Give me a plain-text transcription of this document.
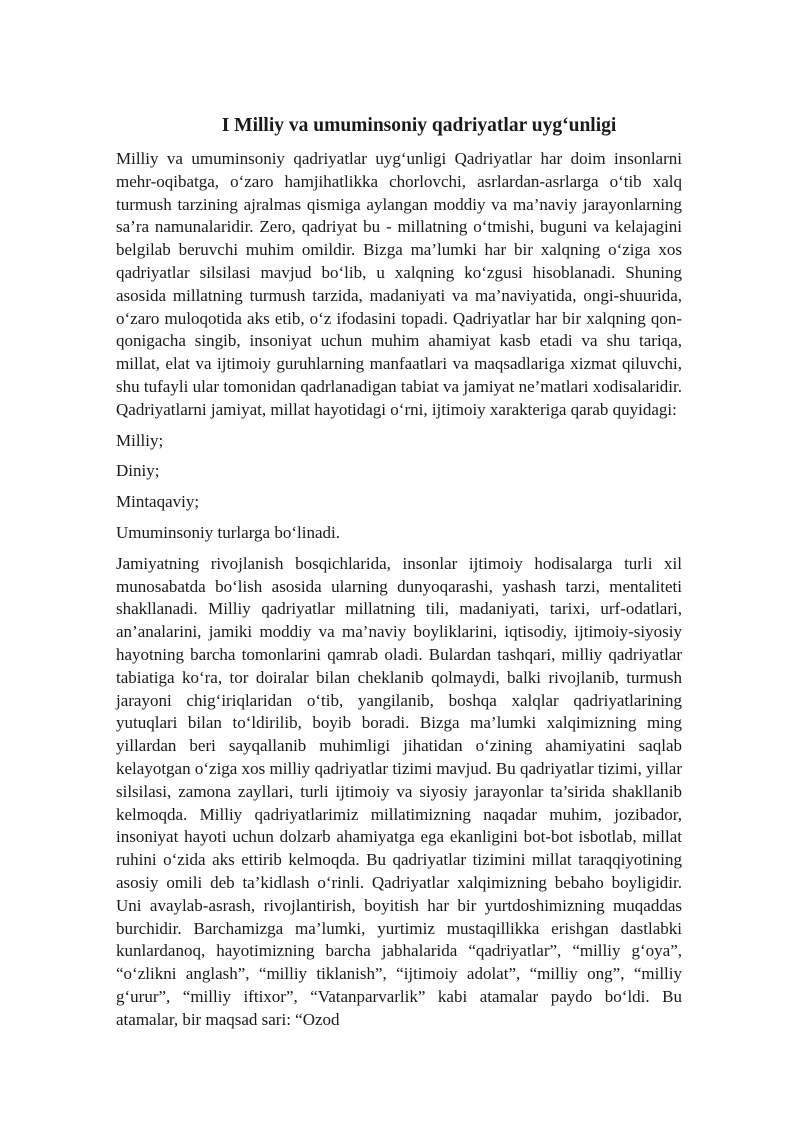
I Milliy va umuminsoniy qadriyatlar uyg‘unligi

Milliy va umuminsoniy qadriyatlar uyg‘unligi Qadriyatlar har doim insonlarni mehr-oqibatga, o‘zaro hamjihatlikka chorlovchi, asrlardan-asrlarga o‘tib xalq turmush tarzining ajralmas qismiga aylangan moddiy va ma’naviy jarayonlarning sa’ra namunalaridir. Zero, qadriyat bu - millatning o‘tmishi, buguni va kelajagini belgilab beruvchi muhim omildir. Bizga ma’lumki har bir xalqning o‘ziga xos qadriyatlar silsilasi mavjud bo‘lib, u xalqning ko‘zgusi hisoblanadi. Shuning asosida millatning turmush tarzida, madaniyati va ma’naviyatida, ongi-shuurida, o‘zaro muloqotida aks etib, o‘z ifodasini topadi. Qadriyatlar har bir xalqning qon-qonigacha singib, insoniyat uchun muhim ahamiyat kasb etadi va shu tariqa, millat, elat va ijtimoiy guruhlarning manfaatlari va maqsadlariga xizmat qiluvchi, shu tufayli ular tomonidan qadrlanadigan tabiat va jamiyat ne’matlari xodisalaridir. Qadriyatlarni jamiyat, millat hayotidagi o‘rni, ijtimoiy xarakteriga qarab quyidagi:

Milliy;

Diniy;

Mintaqaviy;

Umuminsoniy turlarga bo‘linadi.

Jamiyatning rivojlanish bosqichlarida, insonlar ijtimoiy hodisalarga turli xil munosabatda bo‘lish asosida ularning dunyoqarashi, yashash tarzi, mentaliteti shakllanadi. Milliy qadriyatlar millatning tili, madaniyati, tarixi, urf-odatlari, an’analarini, jamiki moddiy va ma’naviy boyliklarini, iqtisodiy, ijtimoiy-siyosiy hayotning barcha tomonlarini qamrab oladi. Bulardan tashqari, milliy qadriyatlar tabiatiga ko‘ra, tor doiralar bilan cheklanib qolmaydi, balki rivojlanib, turmush jarayoni chig‘iriqlaridan o‘tib, yangilanib, boshqa xalqlar qadriyatlarining yutuqlari bilan to‘ldirilib, boyib boradi. Bizga ma’lumki xalqimizning ming yillardan beri sayqallanib muhimligi jihatidan o‘zining ahamiyatini saqlab kelayotgan o‘ziga xos milliy qadriyatlar tizimi mavjud. Bu qadriyatlar tizimi, yillar silsilasi, zamona zayllari, turli ijtimoiy va siyosiy jarayonlar ta’sirida shakllanib kelmoqda. Milliy qadriyatlarimiz millatimizning naqadar muhim, jozibador, insoniyat hayoti uchun dolzarb ahamiyatga ega ekanligini bot-bot isbotlab, millat ruhini o‘zida aks ettirib kelmoqda. Bu qadriyatlar tizimini millat taraqqiyotining asosiy omili deb ta’kidlash o‘rinli. Qadriyatlar xalqimizning bebaho boyligidir. Uni avaylab-asrash, rivojlantirish, boyitish har bir yurtdoshimizning muqaddas burchidir. Barchamizga ma’lumki, yurtimiz mustaqillikka erishgan dastlabki kunlardanoq, hayotimizning barcha jabhalarida “qadriyatlar”, “milliy g‘oya”, “o‘zlikni anglash”, “milliy tiklanish”, “ijtimoiy adolat”, “milliy ong”, “milliy g‘urur”, “milliy iftixor”, “Vatanparvarlik” kabi atamalar paydo bo‘ldi. Bu atamalar, bir maqsad sari: “Ozod
